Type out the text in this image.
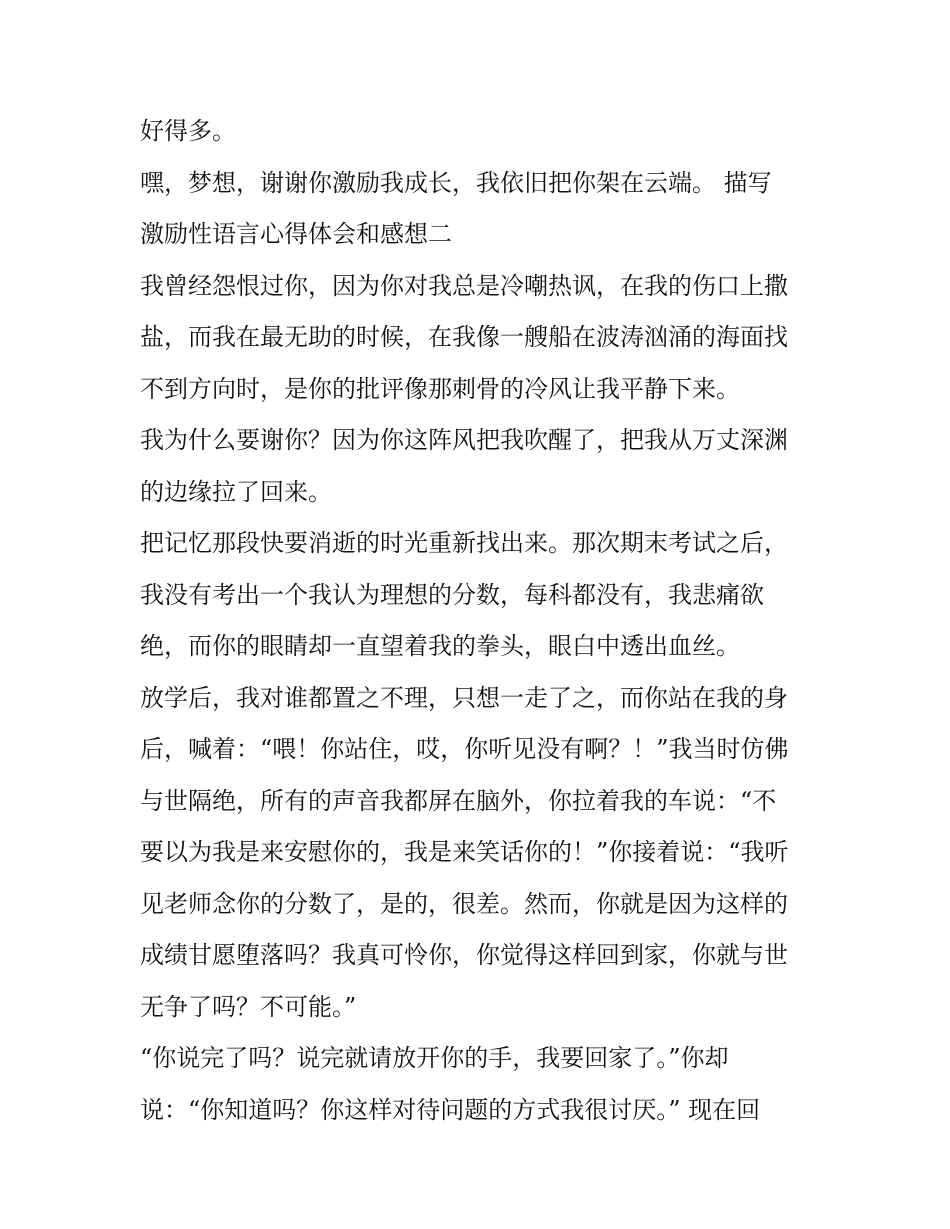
好得多。
嘿，梦想，谢谢你激励我成长，我依旧把你架在云端。 描写
激励性语言心得体会和感想二
我曾经怨恨过你，因为你对我总是冷嘲热讽，在我的伤口上撒
盐，而我在最无助的时候，在我像一艘船在波涛汹涌的海面找
不到方向时，是你的批评像那刺骨的冷风让我平静下来。
我为什么要谢你？因为你这阵风把我吹醒了，把我从万丈深渊
的边缘拉了回来。
把记忆那段快要消逝的时光重新找出来。那次期末考试之后，
我没有考出一个我认为理想的分数，每科都没有，我悲痛欲
绝，而你的眼睛却一直望着我的拳头，眼白中透出血丝。
放学后，我对谁都置之不理，只想一走了之，而你站在我的身
后，喊着：“喂！你站住，哎，你听见没有啊？！”我当时仿佛
与世隔绝，所有的声音我都屏在脑外，你拉着我的车说：“不
要以为我是来安慰你的，我是来笑话你的！”你接着说：“我听
见老师念你的分数了，是的，很差。然而，你就是因为这样的
成绩甘愿堕落吗？我真可怜你，你觉得这样回到家，你就与世
无争了吗？不可能。”
“你说完了吗？说完就请放开你的手，我要回家了。”你却
说：“你知道吗？你这样对待问题的方式我很讨厌。” 现在回
